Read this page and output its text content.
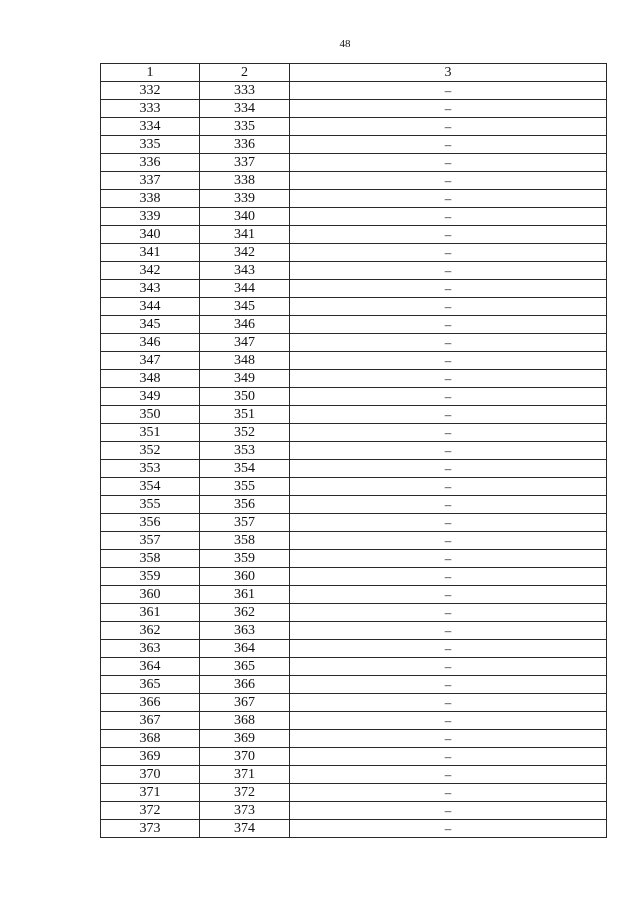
48
1	2	3
332	333	–
333	334	–
334	335	–
335	336	–
336	337	–
337	338	–
338	339	–
339	340	–
340	341	–
341	342	–
342	343	–
343	344	–
344	345	–
345	346	–
346	347	–
347	348	–
348	349	–
349	350	–
350	351	–
351	352	–
352	353	–
353	354	–
354	355	–
355	356	–
356	357	–
357	358	–
358	359	–
359	360	–
360	361	–
361	362	–
362	363	–
363	364	–
364	365	–
365	366	–
366	367	–
367	368	–
368	369	–
369	370	–
370	371	–
371	372	–
372	373	–
373	374	–
